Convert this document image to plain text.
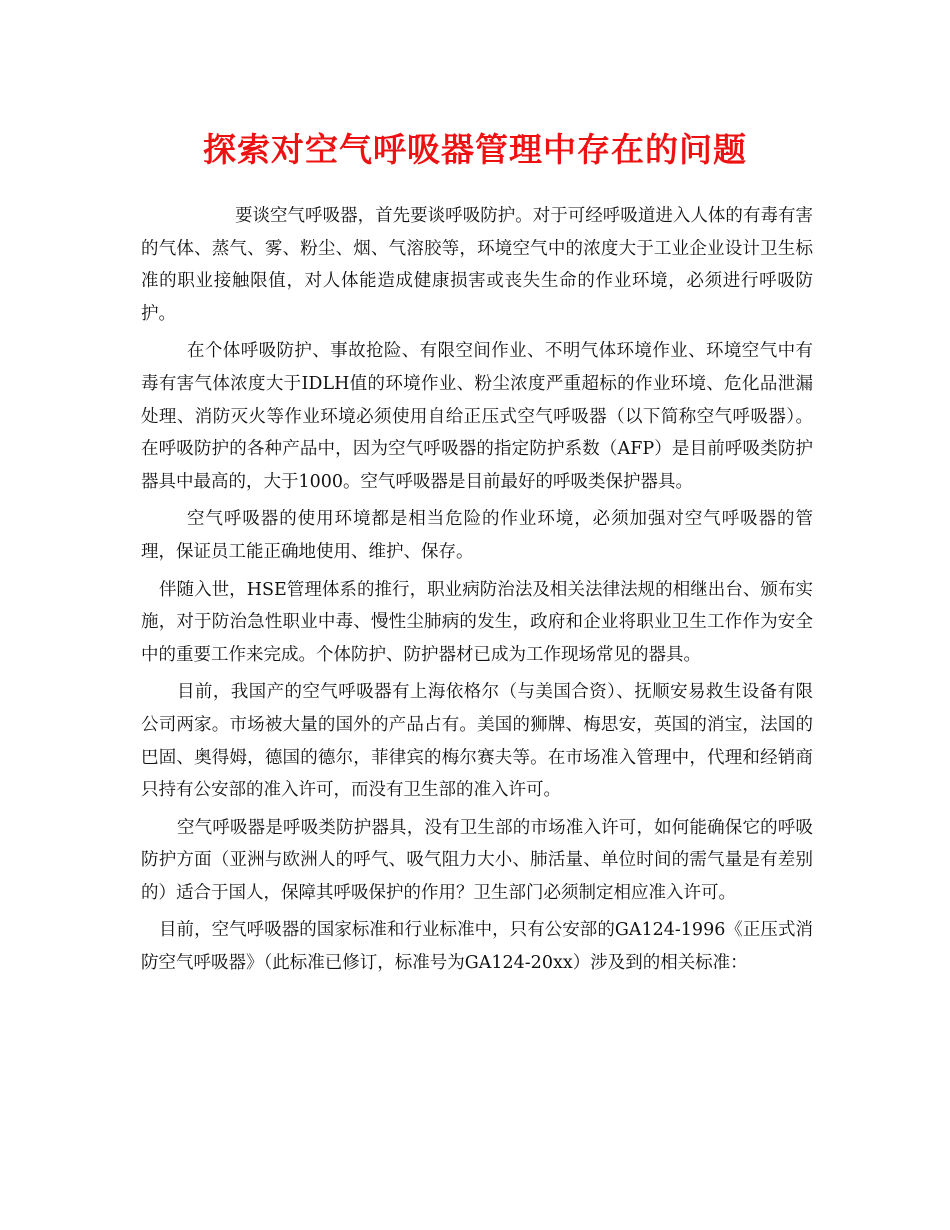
探索对空气呼吸器管理中存在的问题

要谈空气呼吸器，首先要谈呼吸防护。对于可经呼吸道进入人体的有毒有害的气体、蒸气、雾、粉尘、烟、气溶胶等，环境空气中的浓度大于工业企业设计卫生标准的职业接触限值，对人体能造成健康损害或丧失生命的作业环境，必须进行呼吸防护。

在个体呼吸防护、事故抢险、有限空间作业、不明气体环境作业、环境空气中有毒有害气体浓度大于IDLH值的环境作业、粉尘浓度严重超标的作业环境、危化品泄漏处理、消防灭火等作业环境必须使用自给正压式空气呼吸器（以下简称空气呼吸器）。在呼吸防护的各种产品中，因为空气呼吸器的指定防护系数（AFP）是目前呼吸类防护器具中最高的，大于1000。空气呼吸器是目前最好的呼吸类保护器具。

空气呼吸器的使用环境都是相当危险的作业环境，必须加强对空气呼吸器的管理，保证员工能正确地使用、维护、保存。

伴随入世，HSE管理体系的推行，职业病防治法及相关法律法规的相继出台、颁布实施，对于防治急性职业中毒、慢性尘肺病的发生，政府和企业将职业卫生工作作为安全中的重要工作来完成。个体防护、防护器材已成为工作现场常见的器具。

目前，我国产的空气呼吸器有上海依格尔（与美国合资）、抚顺安易救生设备有限公司两家。市场被大量的国外的产品占有。美国的狮牌、梅思安，英国的消宝，法国的巴固、奥得姆，德国的德尔，菲律宾的梅尔赛夫等。在市场准入管理中，代理和经销商只持有公安部的准入许可，而没有卫生部的准入许可。

空气呼吸器是呼吸类防护器具，没有卫生部的市场准入许可，如何能确保它的呼吸防护方面（亚洲与欧洲人的呼气、吸气阻力大小、肺活量、单位时间的需气量是有差别的）适合于国人，保障其呼吸保护的作用？卫生部门必须制定相应准入许可。

目前，空气呼吸器的国家标准和行业标准中，只有公安部的GA124-1996《正压式消防空气呼吸器》（此标准已修订，标准号为GA124-20xx）涉及到的相关标准：
